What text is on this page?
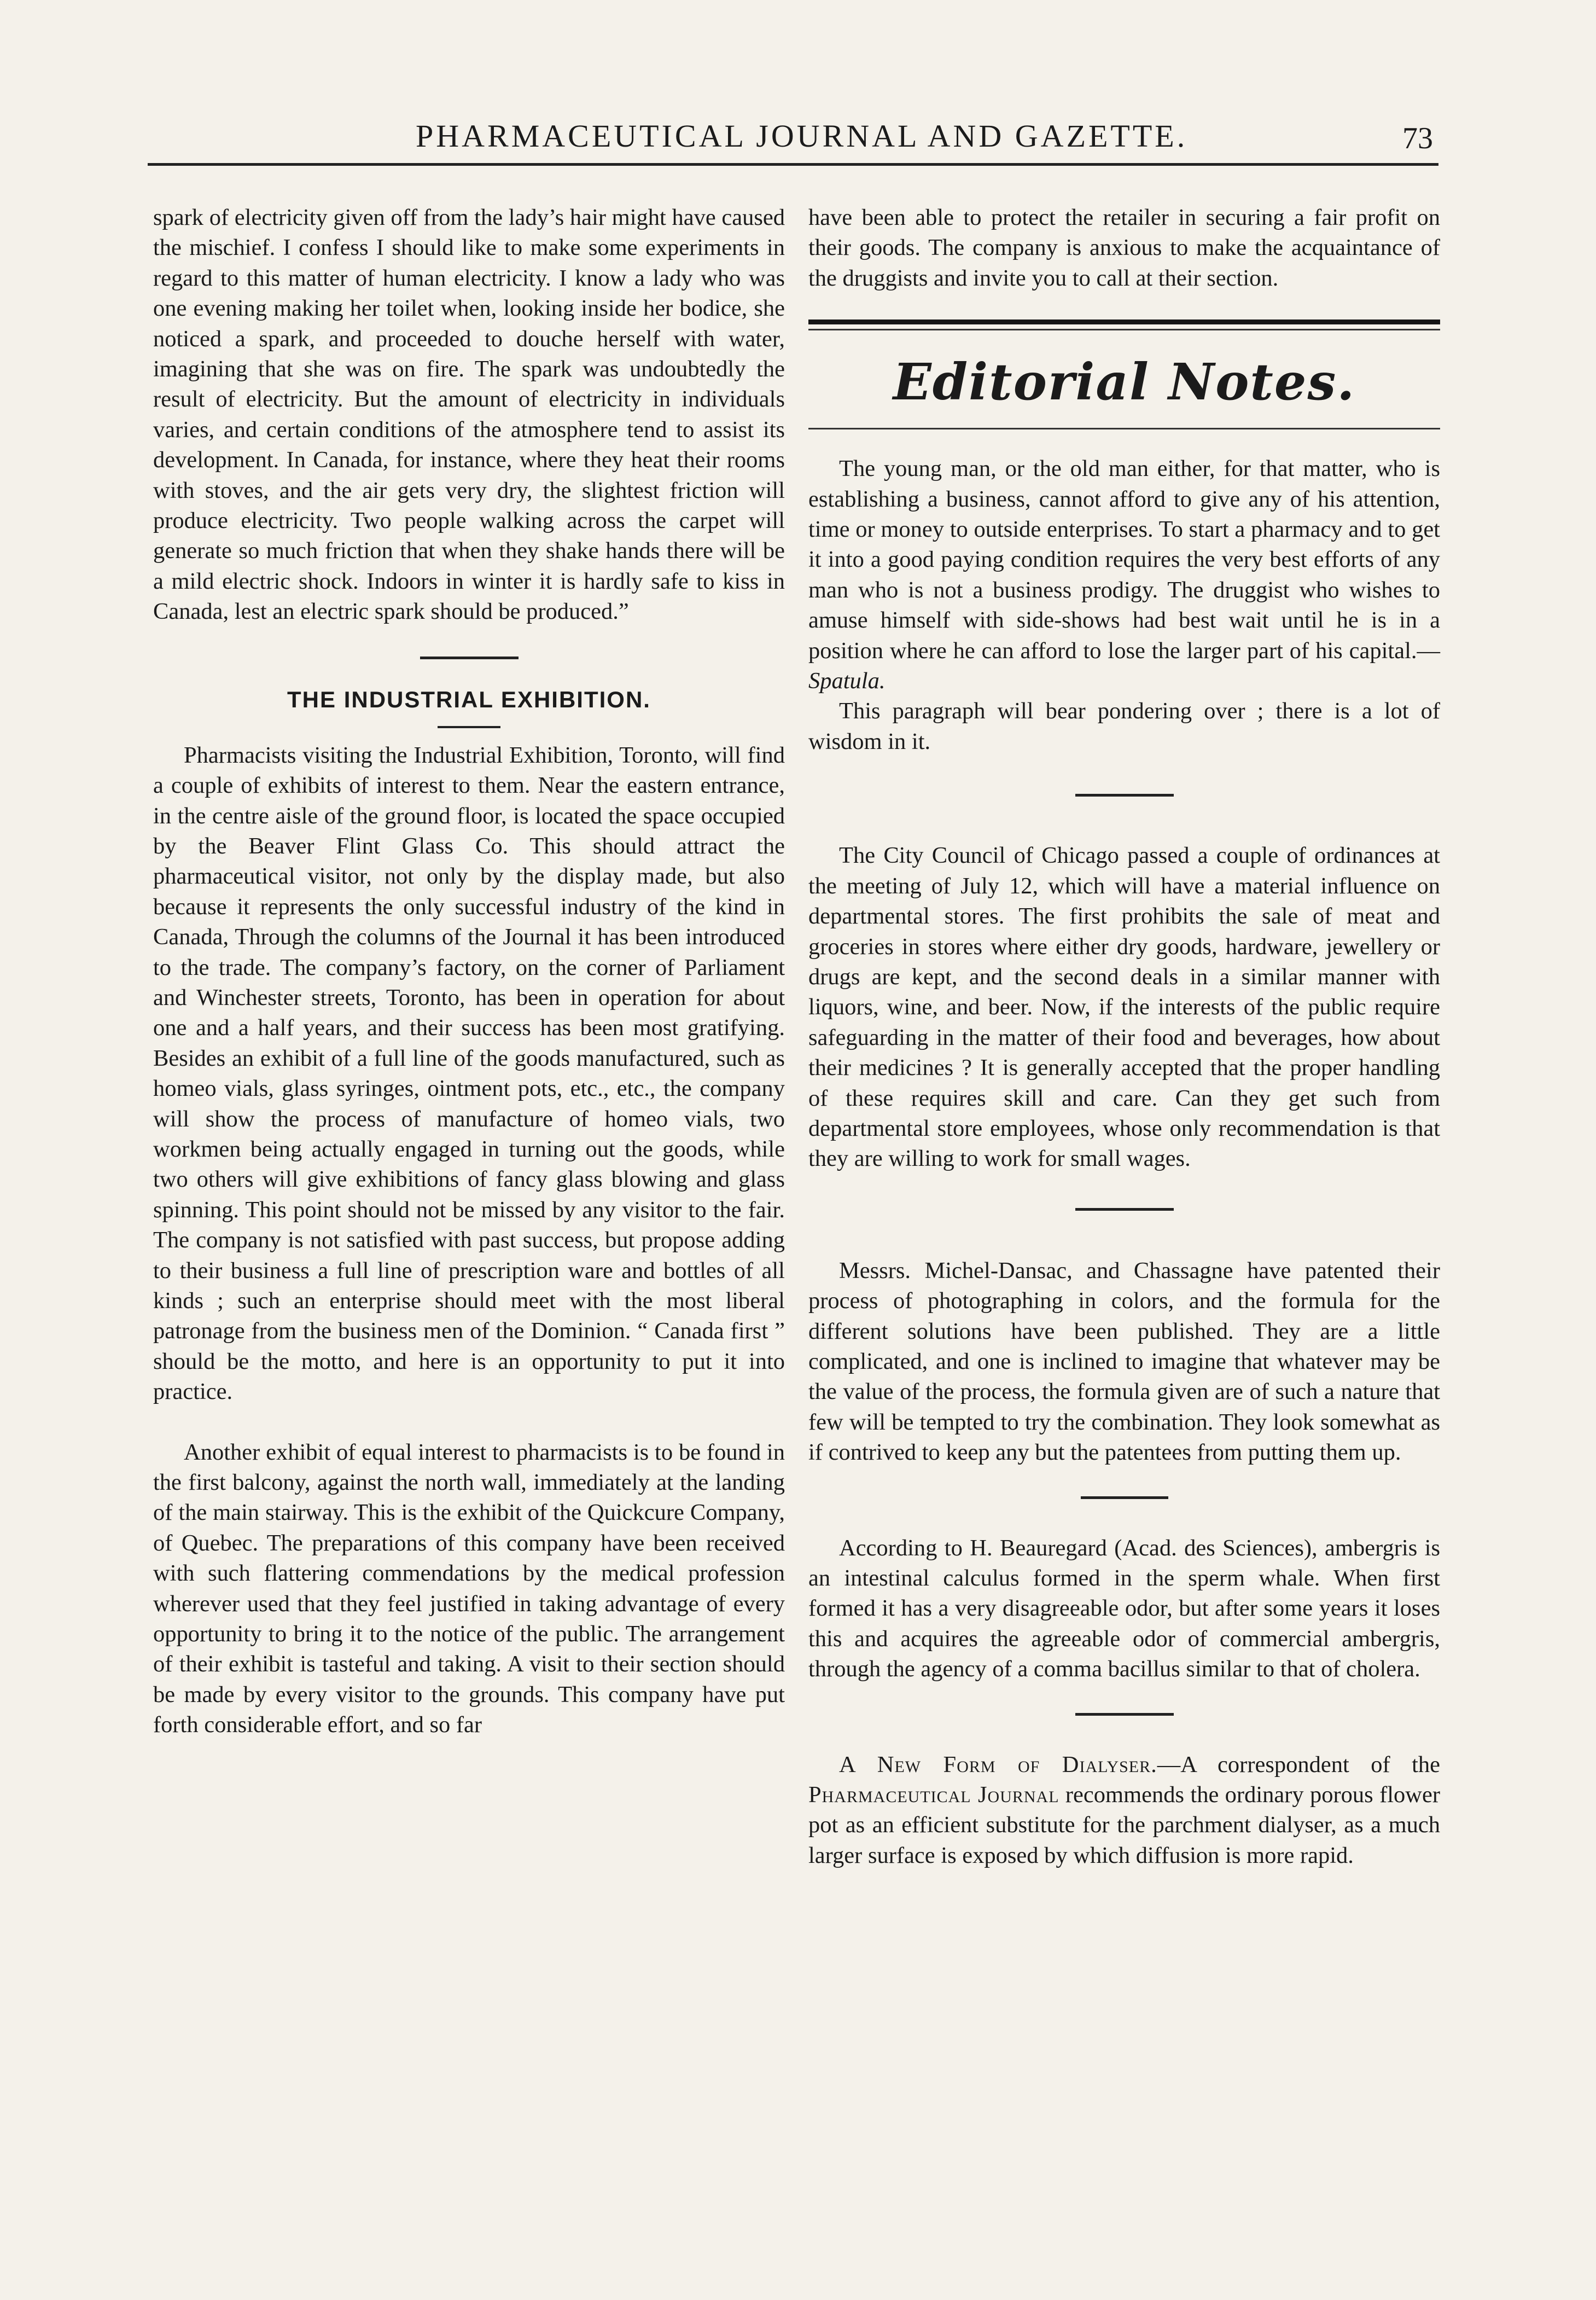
PHARMACEUTICAL JOURNAL AND GAZETTE.	73

spark of electricity given off from the lady’s hair might have caused the mischief. I confess I should like to make some experiments in regard to this matter of human electricity. I know a lady who was one evening making her toilet when, looking inside her bodice, she noticed a spark, and proceeded to douche herself with water, imagining that she was on fire. The spark was undoubtedly the result of electricity. But the amount of electricity in individuals varies, and certain conditions of the atmosphere tend to assist its development. In Canada, for instance, where they heat their rooms with stoves, and the air gets very dry, the slightest friction will produce electricity. Two people walking across the carpet will generate so much friction that when they shake hands there will be a mild electric shock. Indoors in winter it is hardly safe to kiss in Canada, lest an electric spark should be produced.”

THE INDUSTRIAL EXHIBITION.

Pharmacists visiting the Industrial Exhibition, Toronto, will find a couple of exhibits of interest to them. Near the eastern entrance, in the centre aisle of the ground floor, is located the space occupied by the Beaver Flint Glass Co. This should attract the pharmaceutical visitor, not only by the display made, but also because it represents the only successful industry of the kind in Canada, Through the columns of the Journal it has been introduced to the trade. The company’s factory, on the corner of Parliament and Winchester streets, Toronto, has been in operation for about one and a half years, and their success has been most gratifying. Besides an exhibit of a full line of the goods manufactured, such as homeo vials, glass syringes, ointment pots, etc., etc., the company will show the process of manufacture of homeo vials, two workmen being actually engaged in turning out the goods, while two others will give exhibitions of fancy glass blowing and glass spinning. This point should not be missed by any visitor to the fair. The company is not satisfied with past success, but propose adding to their business a full line of prescription ware and bottles of all kinds ; such an enterprise should meet with the most liberal patronage from the business men of the Dominion. “ Canada first ” should be the motto, and here is an opportunity to put it into practice.

Another exhibit of equal interest to pharmacists is to be found in the first balcony, against the north wall, immediately at the landing of the main stairway. This is the exhibit of the Quickcure Company, of Quebec. The preparations of this company have been received with such flattering commendations by the medical profession wherever used that they feel justified in taking advantage of every opportunity to bring it to the notice of the public. The arrangement of their exhibit is tasteful and taking. A visit to their section should be made by every visitor to the grounds. This company have put forth considerable effort, and so far

have been able to protect the retailer in securing a fair profit on their goods. The company is anxious to make the acquaintance of the druggists and invite you to call at their section.

Editorial Notes.

The young man, or the old man either, for that matter, who is establishing a business, cannot afford to give any of his attention, time or money to outside enterprises. To start a pharmacy and to get it into a good paying condition requires the very best efforts of any man who is not a business prodigy. The druggist who wishes to amuse himself with side-shows had best wait until he is in a position where he can afford to lose the larger part of his capital.—Spatula.

This paragraph will bear pondering over ; there is a lot of wisdom in it.

The City Council of Chicago passed a couple of ordinances at the meeting of July 12, which will have a material influence on departmental stores. The first prohibits the sale of meat and groceries in stores where either dry goods, hardware, jewellery or drugs are kept, and the second deals in a similar manner with liquors, wine, and beer. Now, if the interests of the public require safeguarding in the matter of their food and beverages, how about their medicines ? It is generally accepted that the proper handling of these requires skill and care. Can they get such from departmental store employees, whose only recommendation is that they are willing to work for small wages.

Messrs. Michel-Dansac, and Chassagne have patented their process of photographing in colors, and the formula for the different solutions have been published. They are a little complicated, and one is inclined to imagine that whatever may be the value of the process, the formula given are of such a nature that few will be tempted to try the combination. They look somewhat as if contrived to keep any but the patentees from putting them up.

According to H. Beauregard (Acad. des Sciences), ambergris is an intestinal calculus formed in the sperm whale. When first formed it has a very disagreeable odor, but after some years it loses this and acquires the agreeable odor of commercial ambergris, through the agency of a comma bacillus similar to that of cholera.

A New Form of Dialyser.—A correspondent of the Pharmaceutical Journal recommends the ordinary porous flower pot as an efficient substitute for the parchment dialyser, as a much larger surface is exposed by which diffusion is more rapid.
